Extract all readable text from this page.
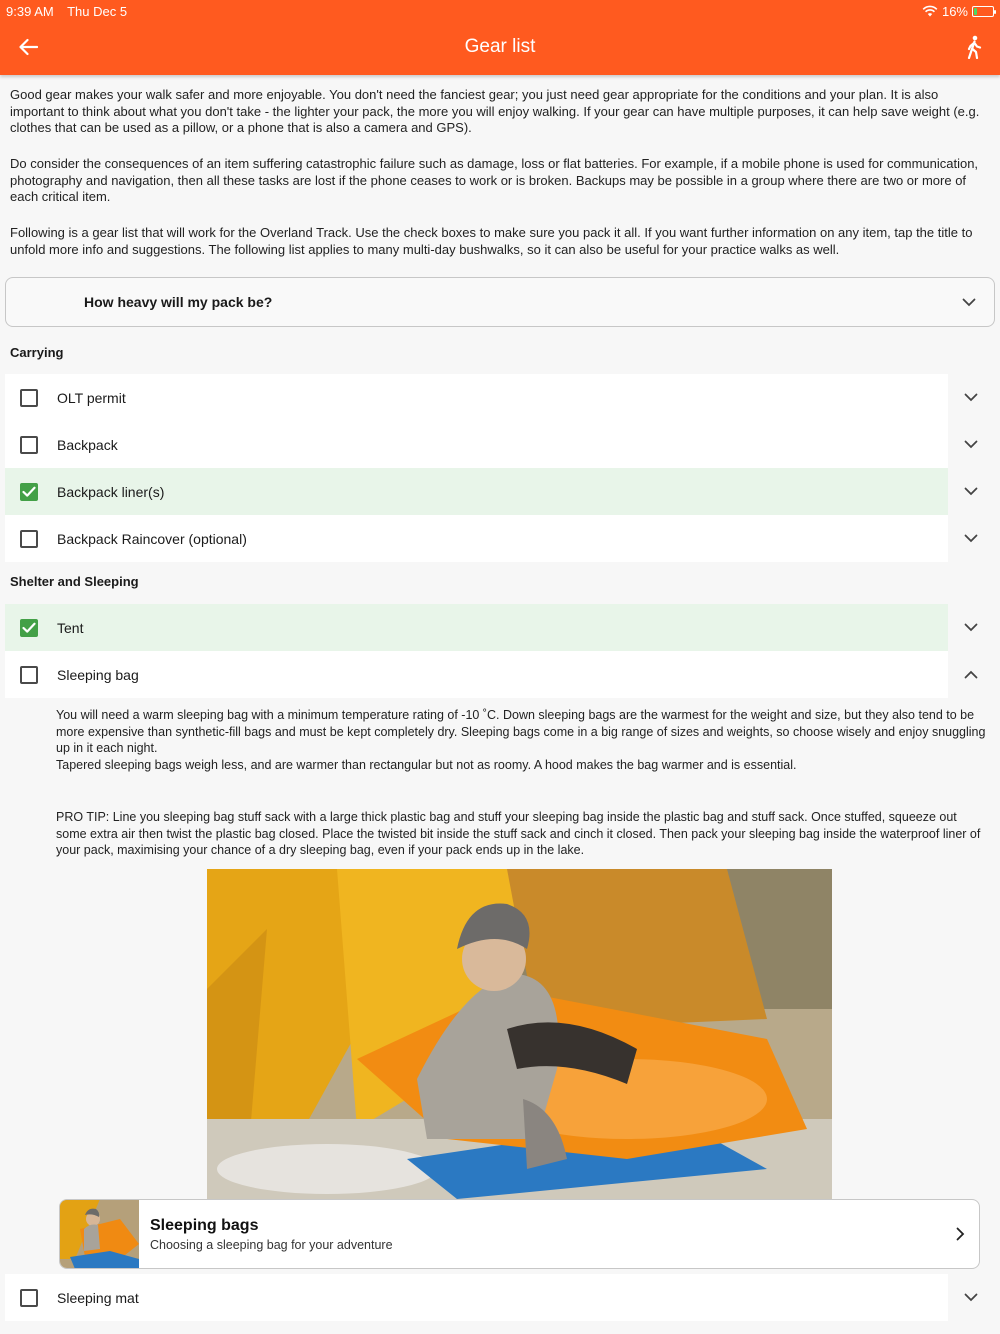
9:39 AM Thu Dec 5	16%
Gear list

Good gear makes your walk safer and more enjoyable. You don't need the fanciest gear; you just need gear appropriate for the conditions and your plan. It is also important to think about what you don't take - the lighter your pack, the more you will enjoy walking. If your gear can have multiple purposes, it can help save weight (e.g. clothes that can be used as a pillow, or a phone that is also a camera and GPS).

Do consider the consequences of an item suffering catastrophic failure such as damage, loss or flat batteries. For example, if a mobile phone is used for communication, photography and navigation, then all these tasks are lost if the phone ceases to work or is broken. Backups may be possible in a group where there are two or more of each critical item.

Following is a gear list that will work for the Overland Track. Use the check boxes to make sure you pack it all. If you want further information on any item, tap the title to unfold more info and suggestions. The following list applies to many multi-day bushwalks, so it can also be useful for your practice walks as well.

How heavy will my pack be?
Carrying
OLT permit
Backpack
Backpack liner(s)
Backpack Raincover (optional)
Shelter and Sleeping
Tent
Sleeping bag

You will need a warm sleeping bag with a minimum temperature rating of -10 ˚C. Down sleeping bags are the warmest for the weight and size, but they also tend to be more expensive than synthetic-fill bags and must be kept completely dry. Sleeping bags come in a big range of sizes and weights, so choose wisely and enjoy snuggling up in it each night.

Tapered sleeping bags weigh less, and are warmer than rectangular but not as roomy. A hood makes the bag warmer and is essential.

PRO TIP: Line you sleeping bag stuff sack with a large thick plastic bag and stuff your sleeping bag inside the plastic bag and stuff sack. Once stuffed, squeeze out some extra air then twist the plastic bag closed. Place the twisted bit inside the stuff sack and cinch it closed. Then pack your sleeping bag inside the waterproof liner of your pack, maximising your chance of a dry sleeping bag, even if your pack ends up in the lake.

Sleeping bags
Choosing a sleeping bag for your adventure
Sleeping mat
